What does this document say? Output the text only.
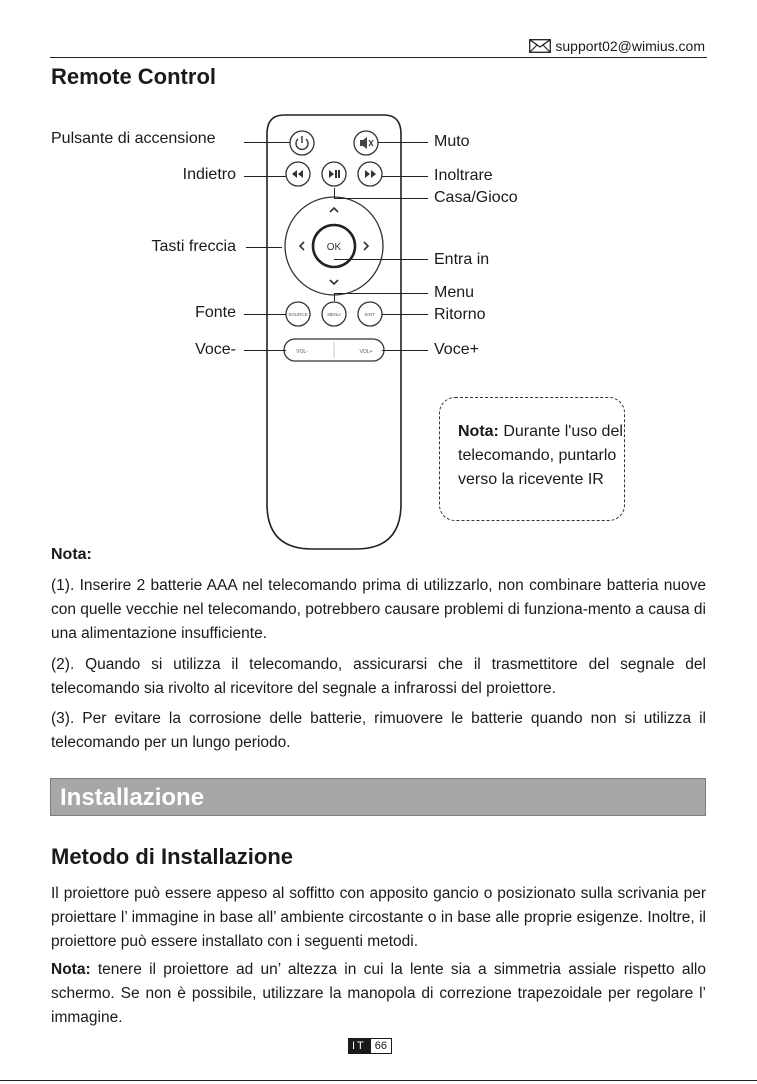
support02@wimius.com
Remote Control
OK
SOURCE	MENU	EXIT
VOL-	VOL+
Pulsante di accensione
Indietro
Tasti freccia
Fonte
Voce-
Muto
Inoltrare
Casa/Gioco
Entra in
Menu
Ritorno
Voce+
Nota: Durante l'uso del telecomando, puntarlo verso la ricevente IR
Nota:
(1). Inserire 2 batterie AAA nel telecomando prima di utilizzarlo, non combinare batteria nuove con quelle vecchie nel telecomando, potrebbero causare problemi di funziona-mento a causa di una alimentazione insufficiente.
(2). Quando si utilizza il telecomando, assicurarsi che il trasmettitore del segnale del telecomando sia rivolto al ricevitore del segnale a infrarossi del proiettore.
(3). Per evitare la corrosione delle batterie, rimuovere le batterie quando non si utilizza il telecomando per un lungo periodo.
Installazione
Metodo di Installazione
Il proiettore può essere appeso al soffitto con apposito gancio o posizionato sulla scrivania per proiettare l’ immagine in base all’ ambiente circostante o in base alle proprie esigenze. Inoltre, il proiettore può essere installato con i seguenti metodi.
Nota: tenere il proiettore ad un’ altezza in cui la lente sia a simmetria assiale rispetto allo schermo. Se non è possibile, utilizzare la manopola di correzione trapezoidale per regolare l’ immagine.
IT 66
